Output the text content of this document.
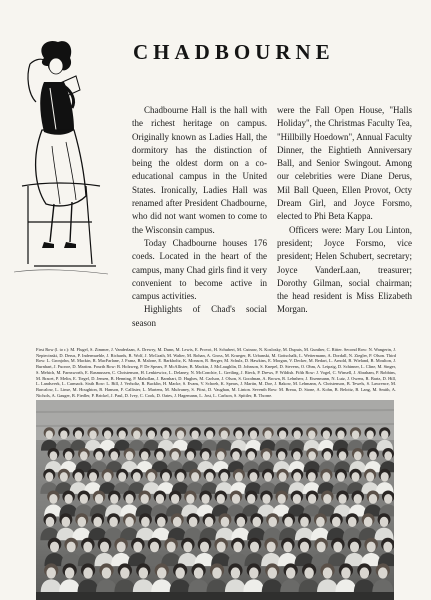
CHADBOURNE

Chadbourne Hall is the hall with the richest heritage on campus. Originally known as Ladies Hall, the dormitory has the distinction of being the oldest dorm on a co-educational campus in the United States. Ironically, Ladies Hall was renamed after President Chadbourne, who did not want women to come to the Wisconsin campus.

Today Chadbourne houses 176 coeds. Located in the heart of the campus, many Chad girls find it very convenient to become active in campus activities.

Highlights of Chad's social season

were the Fall Open House, "Halls Holiday", the Christmas Faculty Tea, "Hillbilly Hoedown", Annual Faculty Dinner, the Eightieth Anniversary Ball, and Senior Swingout. Among our celebrities were Diane Derus, Mil Ball Queen, Ellen Provot, Octy Dream Girl, and Joyce Forsmo, elected to Phi Beta Kappa.

Officers were: Mary Lou Linton, president; Joyce Forsmo, vice president; Helen Schubert, secretary; Joyce VanderLaan, treasurer; Dorothy Gilman, social chairman; the head resident is Miss Elizabeth Morgan.

First Row (l. to r.): M. Flugel, S. Zimmer, J. Vanderlaan, A. Drewry, M. Dunn, M. Lewis, E. Provot, H. Schubert, M. Cutnaw, N. Koslosky, M. Dupuis, M. Gunther, C. Ritter. Second Row: N. Wangerin, J. Nepiecinski, D. Derus, P. Indermuehle, J. Richards, B. Wolf, J. McGrath, M. Walter, M. Rohan, A. Gross, M. Krueger, B. Urbanski, M. Gottschalk, L. Weitermann, A. Dordall, N. Ziegler, P. Olson. Third Row: L. Gronjohn, M. Mackin, R. MacFarlane, J. Franz, B. Malone, E. Barkholtz, K. Monson, R. Berger, M. Schulz, D. Hawkins, E. Morgan, V. Decker, M. Bedart, L. Arnold, B. Wieland, B. Moulton, J. Burnhart, J. Fuoroe, D. Martins. Fourth Row: B. Holzweg, P. De Spears, P. McAllister, B. Mackin, J. McLaughlin, D. Johnson, S. Knepel, D. Stevens, O. Ohm, A. Leipzig, D. Schinner, L. Cline, M. Singer, S. Mehich, M. Farnsworth, E. Rasmussen, C. Christenson, H. Lenkiewicz, L. Delaney, N. McConchie, L. Greiling, J. Rieck, P. Drews, P. Wildish. Fifth Row: J. Vogel, C. Winsell, J. Abraham, P. Robbins, M. Bracet, P. Melin, E. Tiegel, D. Jensen, B. Henning, P. Mahollan, J. Barnhart, D. Hughes, M. Carlson, J. Olson, S. Goodman, A. Brown, R. Lehnherr, J. Eisenmann, N. Lutz, J. Owens, R. Bartz, D. Hill, L. Landsverk, L. Carmack. Sixth Row: L. Bill, J. Verholtz, R. Bucklin, H. Macke, S. Evans, V. Schoeh, K. Spears, J. Martin, M. Doe, J. Rakow, M. Lehmann, A. Christenson, B. Tewels, S. Lawrence, M. Barcalow, L. Linse, M. Houghton, B. Hanson, F. Callister, L. Martens, M. Mulvaney, S. Pfost, D. Vaughan, M. Linton. Seventh Row: M. Breau, D. Stone, A. Kohn, B. Beloitz, B. Lang, M. Smith, A. Nichols, A. Gauger, B. Fiedler, P. Brickel, J. Paul, D. Ivey, C. Cook, D. Oates, J. Hagemann, L. Jost, L. Carlson, S. Spittler, B. Thorne.
